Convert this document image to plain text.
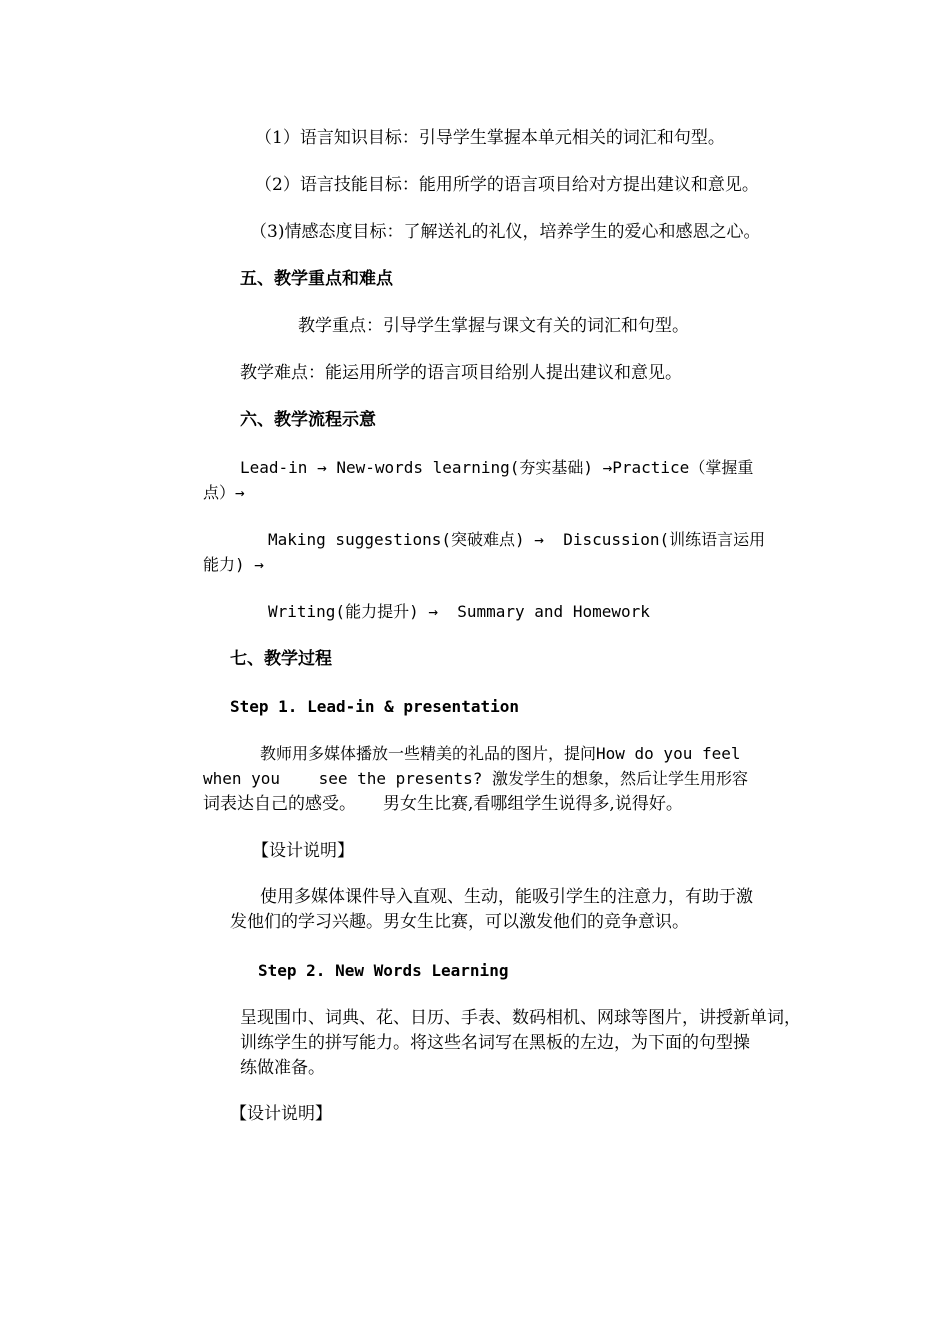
（1）语言知识目标：引导学生掌握本单元相关的词汇和句型。
（2）语言技能目标：能用所学的语言项目给对方提出建议和意见。
（3)情感态度目标：了解送礼的礼仪，培养学生的爱心和感恩之心。
五、教学重点和难点
教学重点：引导学生掌握与课文有关的词汇和句型。
教学难点：能运用所学的语言项目给别人提出建议和意见。
六、教学流程示意
Lead-in → New-words learning(夯实基础) →Practice（掌握重
点）→
Making suggestions(突破难点) →  Discussion(训练语言运用
能力) →
Writing(能力提升) →  Summary and Homework
七、教学过程
Step 1. Lead-in & presentation
教师用多媒体播放一些精美的礼品的图片，提问How do you feel
when you    see the presents? 激发学生的想象，然后让学生用形容
词表达自己的感受。     男女生比赛,看哪组学生说得多,说得好。
【设计说明】
使用多媒体课件导入直观、生动，能吸引学生的注意力，有助于激
发他们的学习兴趣。男女生比赛，可以激发他们的竞争意识。
Step 2. New Words Learning
呈现围巾、词典、花、日历、手表、数码相机、网球等图片，讲授新单词，
训练学生的拼写能力。将这些名词写在黑板的左边，为下面的句型操
练做准备。
【设计说明】
